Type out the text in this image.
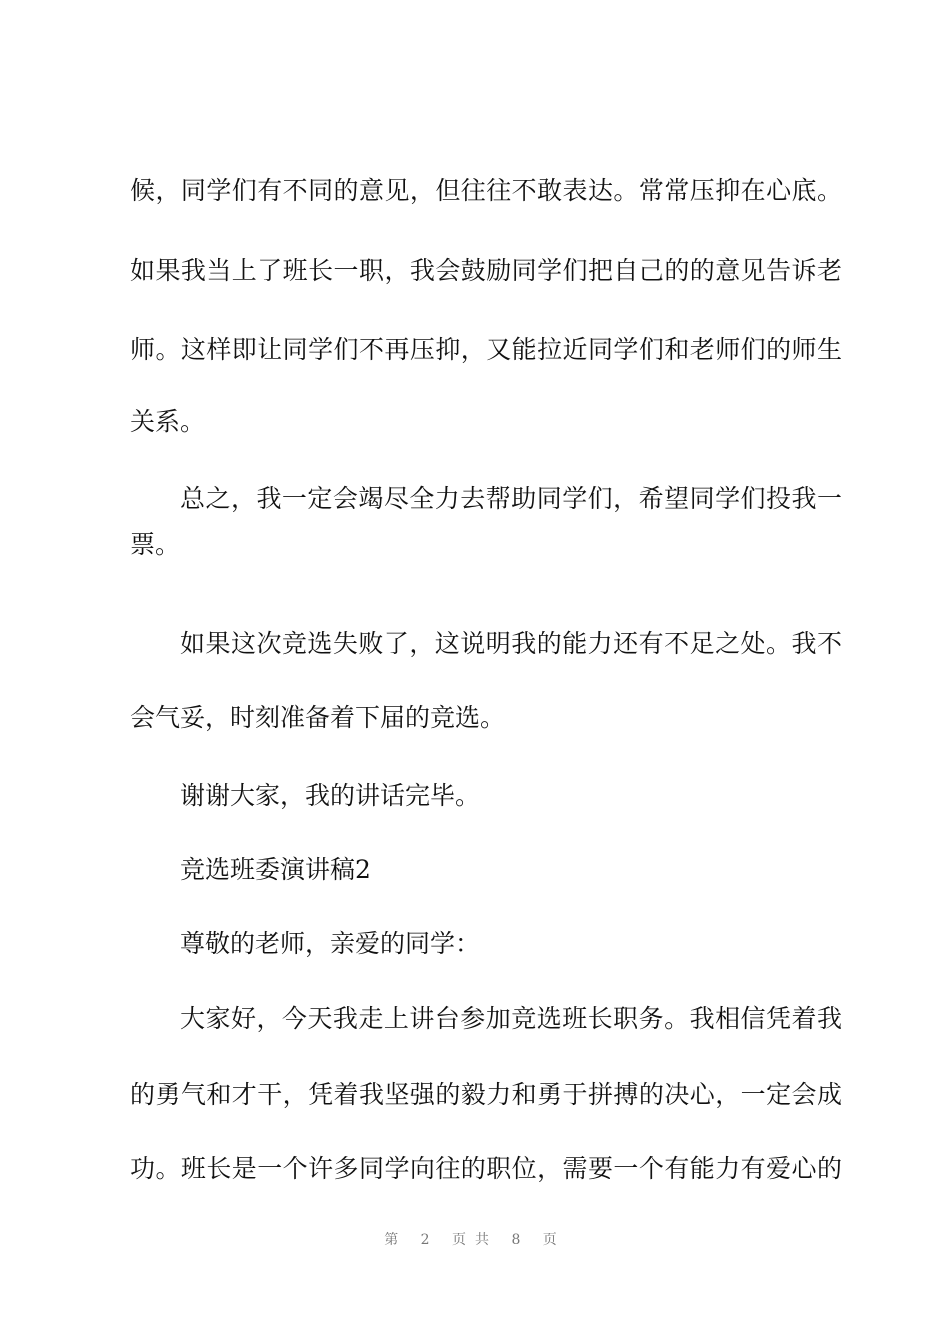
候，同学们有不同的意见，但往往不敢表达。常常压抑在心底。
如果我当上了班长一职，我会鼓励同学们把自己的的意见告诉老
师。这样即让同学们不再压抑，又能拉近同学们和老师们的师生
关系。
总之，我一定会竭尽全力去帮助同学们，希望同学们投我一
票。
如果这次竞选失败了，这说明我的能力还有不足之处。我不
会气妥，时刻准备着下届的竞选。
谢谢大家，我的讲话完毕。
竞选班委演讲稿2
尊敬的老师，亲爱的同学：
大家好，今天我走上讲台参加竞选班长职务。我相信凭着我
的勇气和才干，凭着我坚强的毅力和勇于拼搏的决心，一定会成
功。班长是一个许多同学向往的职位，需要一个有能力有爱心的
第 2 页共 8 页
